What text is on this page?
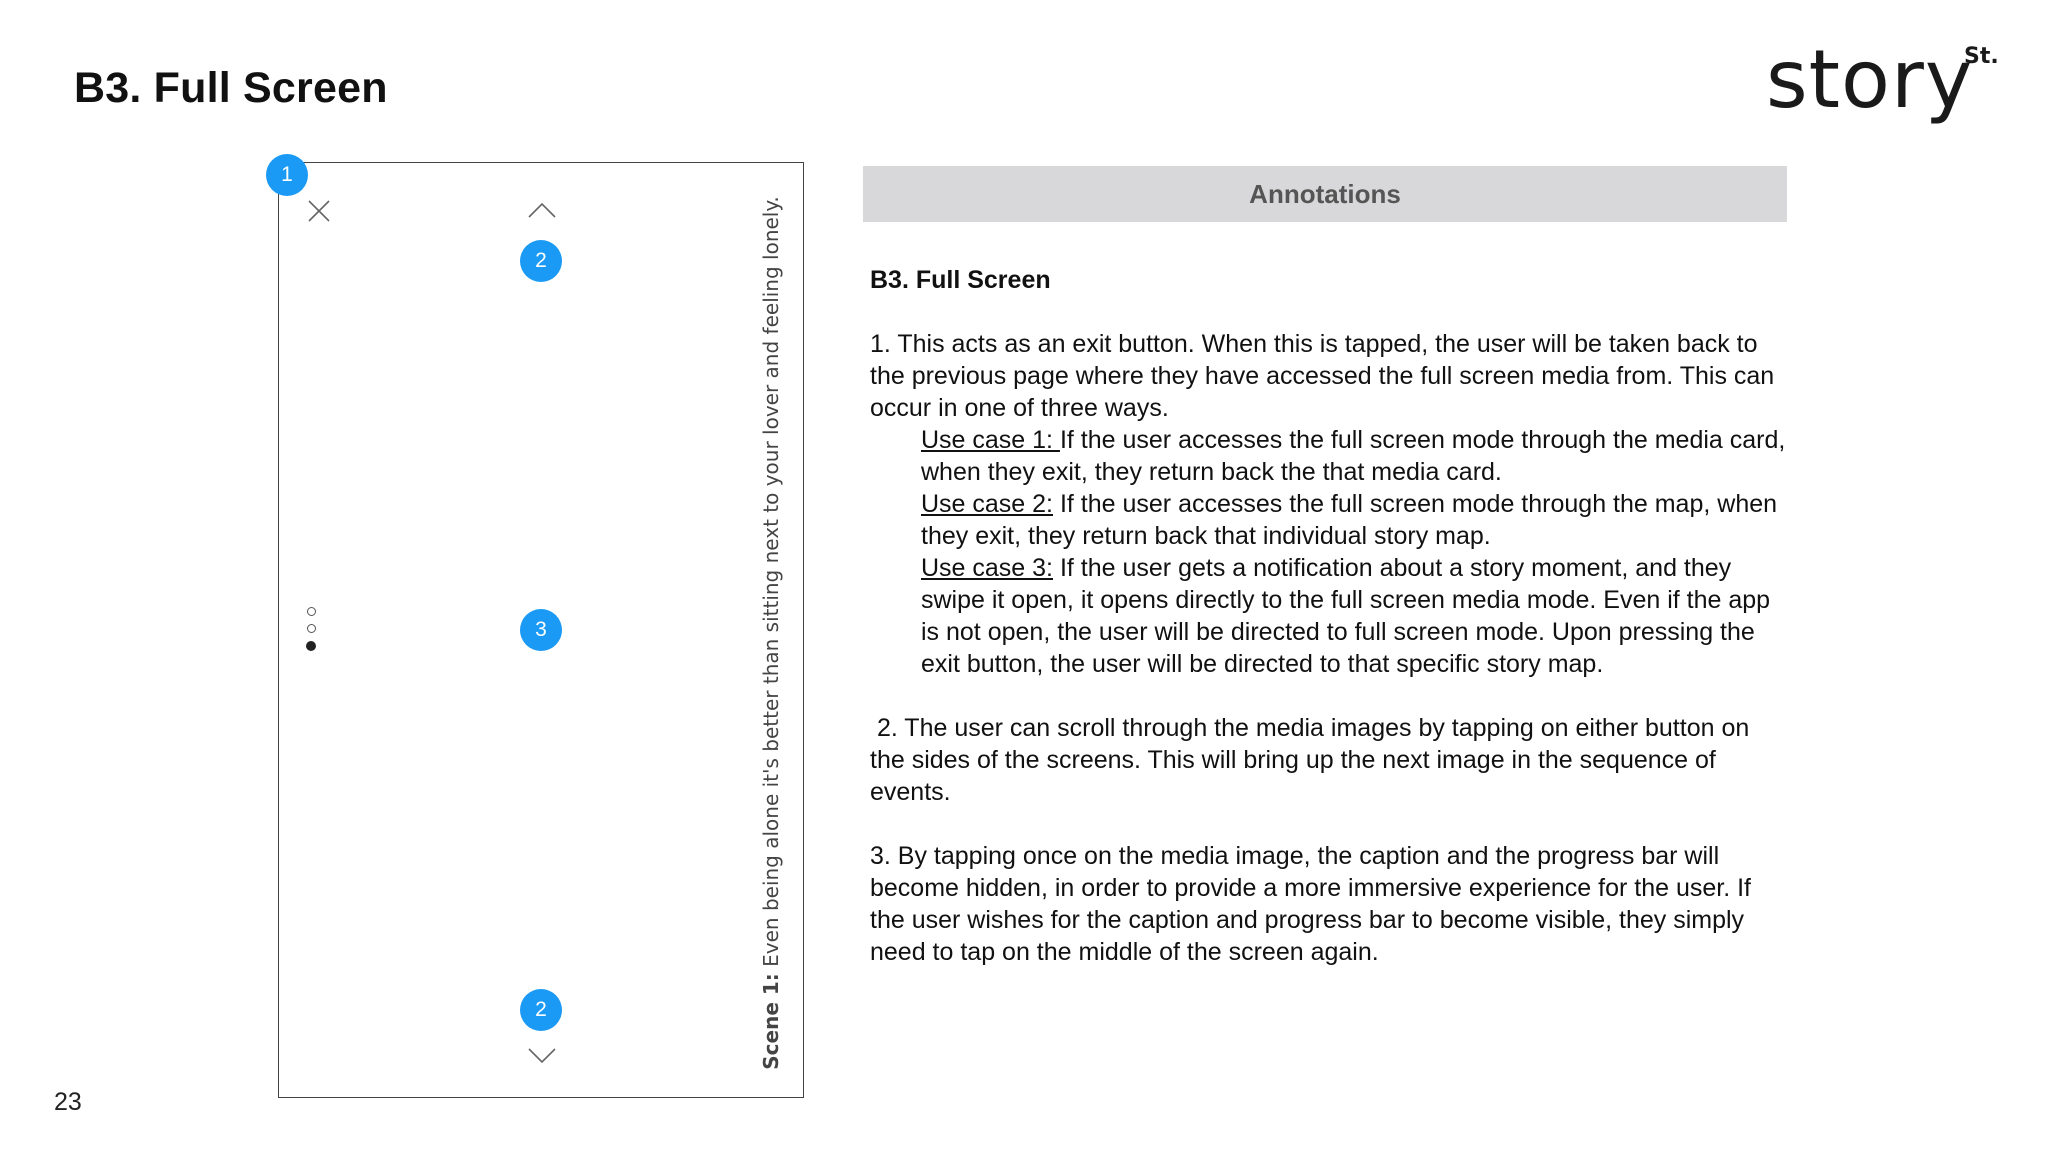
B3. Full Screen	story
St.
Scene 1: Even being alone it's better than sitting next to your lover and feeling lonely.
1
2
3
2
Annotations

B3. Full Screen

1. This acts as an exit button. When this is tapped, the user will be taken back to the previous page where they have accessed the full screen media from. This can occur in one of three ways.

Use case 1: If the user accesses the full screen mode through the media card, when they exit, they return back the that media card.

Use case 2: If the user accesses the full screen mode through the map, when they exit, they return back that individual story map.

Use case 3: If the user gets a notification about a story moment, and they swipe it open, it opens directly to the full screen media mode. Even if the app is not open, the user will be directed to full screen mode. Upon pressing the exit button, the user will be directed to that specific story map.

2. The user can scroll through the media images by tapping on either button on the sides of the screens. This will bring up the next image in the sequence of events.

3. By tapping once on the media image, the caption and the progress bar will become hidden, in order to provide a more immersive experience for the user. If the user wishes for the caption and progress bar to become visible, they simply need to tap on the middle of the screen again.

23
